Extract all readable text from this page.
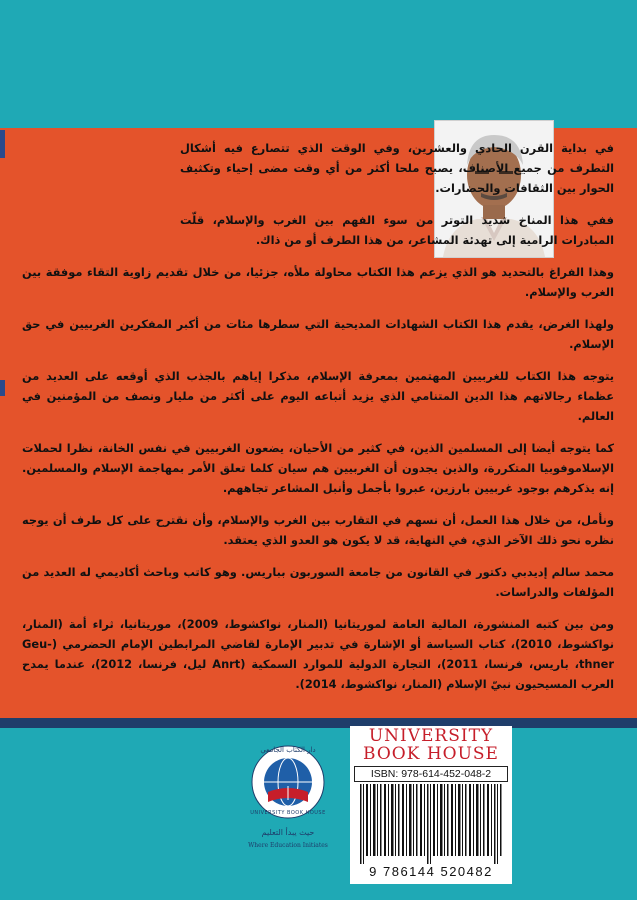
في بداية القرن الحادي والعشرين، وفي الوقت الذي تتصارع فيه أشكال التطرف من جميع الأصناف، يصبح ملحا أكثر من أي وقت مضى إحياء وتكثيف الحوار بين الثقافات والحضارات.

ففي هذا المناخ شديد التوتر من سوء الفهم بين الغرب والإسلام، قلّت المبادرات الرامية إلى تهدئة المشاعر، من هذا الطرف أو من ذاك.

وهذا الفراغ بالتحديد هو الذي يزعم هذا الكتاب محاولة ملأه، جزئيا، من خلال تقديم زاوية التقاء موفقة بين الغرب والإسلام.

ولهذا الغرض، يقدم هذا الكتاب الشهادات المديحية التي سطرها مئات من أكبر المفكرين الغربيين في حق الإسلام.

يتوجه هذا الكتاب للغربيين المهتمين بمعرفة الإسلام، مذكرا إياهم بالجذب الذي أوقعه على العديد من عظماء رجالاتهم هذا الدين المتنامي الذي يزيد أتباعه اليوم على أكثر من مليار ونصف من المؤمنين في العالم.

كما يتوجه أيضا إلى المسلمين الذين، في كثير من الأحيان، يضعون الغربيين في نفس الخانة، نظرا لحملات الإسلاموفوبيا المتكررة، والذين يجدون أن الغربيين هم سيان كلما تعلق الأمر بمهاجمة الإسلام والمسلمين. إنه يذكرهم بوجود غربيين بارزين، عبروا بأجمل وأنبل المشاعر تجاههم.

ونأمل، من خلال هذا العمل، أن نسهم في التقارب بين الغرب والإسلام، وأن نقترح على كل طرف أن يوجه نظره نحو ذلك الآخر الذي، في النهاية، قد لا يكون هو العدو الذي يعتقد.

محمد سالم إديدبي دكتور في القانون من جامعة السوربون بباريس. وهو كاتب وباحث أكاديمي له العديد من المؤلفات والدراسات.

ومن بين كتبه المنشورة، المالية العامة لموريتانيا (المنار، نواكشوط، 2009)، موريتانيا، ثراء أمة (المنار، نواكشوط، 2010)، كتاب السياسة أو الإشارة في تدبير الإمارة لقاضي المرابطين الإمام الحضرمي (Geu-thner، باريس، فرنسا، 2011)، التجارة الدولية للموارد السمكية (Anrt ليل، فرنسا، 2012)، عندما يمدح العرب المسيحيون نبيّ الإسلام (المنار، نواكشوط، 2014).

دار الكتاب الجامعي
UNIVERSITY BOOK HOUSE
حيث يبدأ التعليم
Where Education Initiates
UNIVERSITY
BOOK HOUSE
ISBN: 978-614-452-048-2
9 786144 520482
